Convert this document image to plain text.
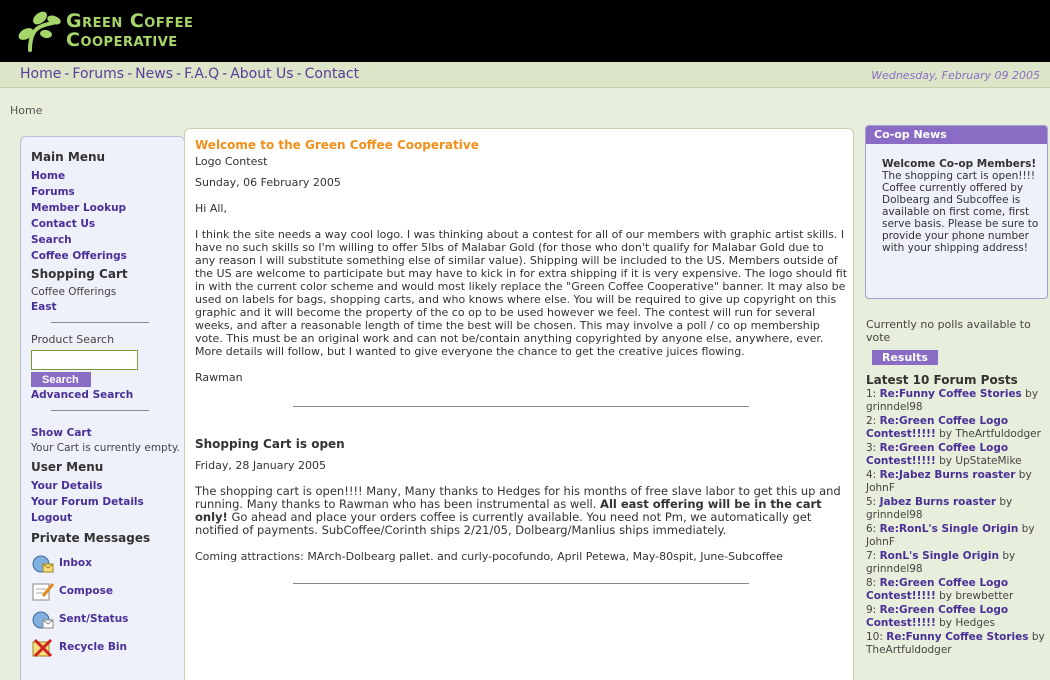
Green Coffee
Cooperative
Home - Forums - News - F.A.Q - About Us - Contact	Wednesday, February 09 2005
Home
Main Menu
Home
Forums
Member Lookup
Contact Us
Search
Coffee Offerings
Shopping Cart
Coffee Offerings
East
Product Search
Search
Advanced Search
Show Cart
Your Cart is currently empty.
User Menu
Your Details
Your Forum Details
Logout
Private Messages
Inbox
Compose
Sent/Status
Recycle Bin
Welcome to the Green Coffee Cooperative
Logo Contest
Sunday, 06 February 2005
Hi All,
I think the site needs a way cool logo. I was thinking about a contest for all of our members with graphic artist skills. I have no such skills so I'm willing to offer 5lbs of Malabar Gold (for those who don't qualify for Malabar Gold due to any reason I will substitute something else of similar value). Shipping will be included to the US. Members outside of the US are welcome to participate but may have to kick in for extra shipping if it is very expensive. The logo should fit in with the current color scheme and would most likely replace the "Green Coffee Cooperative" banner. It may also be used on labels for bags, shopping carts, and who knows where else. You will be required to give up copyright on this graphic and it will become the property of the co op to be used however we feel. The contest will run for several weeks, and after a reasonable length of time the best will be chosen. This may involve a poll / co op membership vote. This must be an original work and can not be/contain anything copyrighted by anyone else, anywhere, ever. More details will follow, but I wanted to give everyone the chance to get the creative juices flowing.
Rawman
Shopping Cart is open
Friday, 28 January 2005
The shopping cart is open!!!! Many, Many thanks to Hedges for his months of free slave labor to get this up and running. Many thanks to Rawman who has been instrumental as well. All east offering will be in the cart only! Go ahead and place your orders coffee is currently available. You need not Pm, we automatically get notified of payments. SubCoffee/Corinth ships 2/21/05, Dolbearg/Manlius ships immediately.
Coming attractions: MArch-Dolbearg pallet. and curly-pocofundo, April Petewa, May-80spit, June-Subcoffee
Co-op News
Welcome Co-op Members!
The shopping cart is open!!!! Coffee currently offered by Dolbearg and Subcoffee is available on first come, first serve basis. Please be sure to provide your phone number with your shipping address!
Currently no polls available to vote
Results
Latest 10 Forum Posts
1: Re:Funny Coffee Stories by grinndel98
2: Re:Green Coffee Logo Contest!!!!! by TheArtfuldodger
3: Re:Green Coffee Logo Contest!!!!! by UpStateMike
4: Re:Jabez Burns roaster by JohnF
5: Jabez Burns roaster by grinndel98
6: Re:RonL's Single Origin by JohnF
7: RonL's Single Origin by grinndel98
8: Re:Green Coffee Logo Contest!!!!! by brewbetter
9: Re:Green Coffee Logo Contest!!!!! by Hedges
10: Re:Funny Coffee Stories by TheArtfuldodger
